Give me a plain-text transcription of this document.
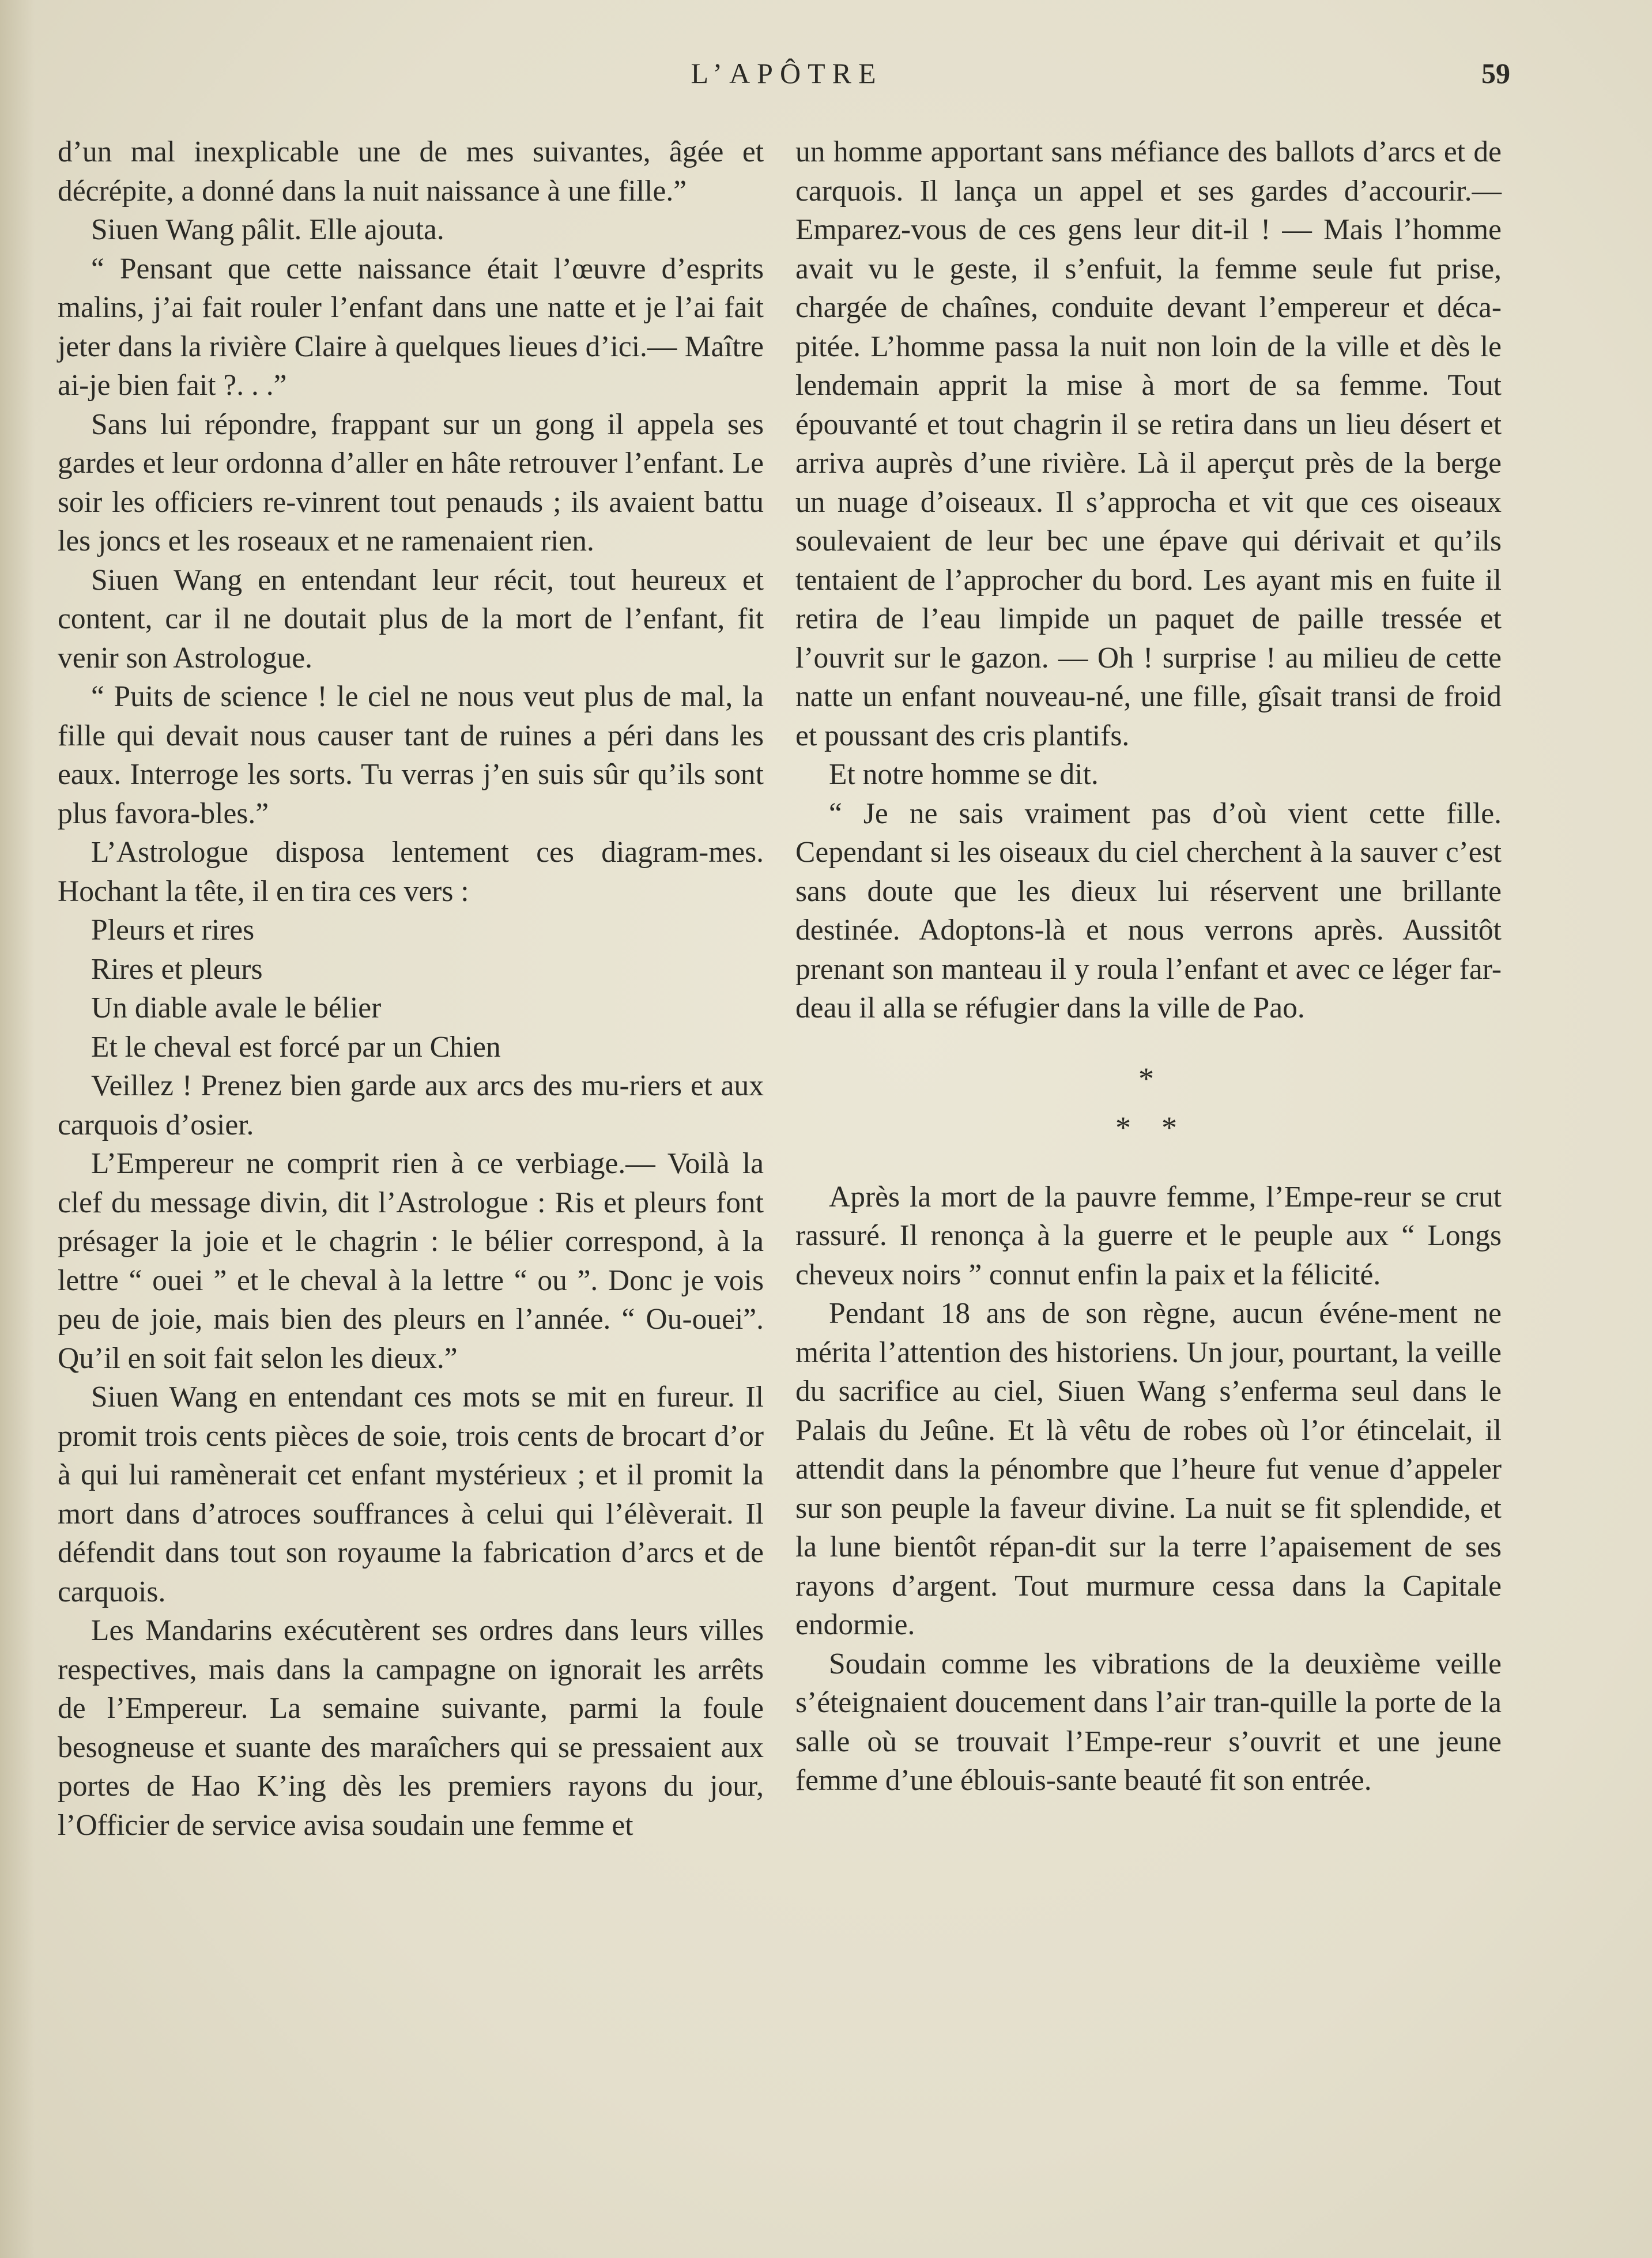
L’APÔTRE	59

d’un mal inexplicable une de mes suivantes, âgée et décrépite, a donné dans la nuit naissance à une fille.”

Siuen Wang pâlit. Elle ajouta.

“ Pensant que cette naissance était l’œuvre d’esprits malins, j’ai fait rouler l’enfant dans une natte et je l’ai fait jeter dans la rivière Claire à quelques lieues d’ici.— Maître ai-je bien fait ?. . .”

Sans lui répondre, frappant sur un gong il appela ses gardes et leur ordonna d’aller en hâte retrouver l’enfant. Le soir les officiers re-vinrent tout penauds ; ils avaient battu les joncs et les roseaux et ne ramenaient rien.

Siuen Wang en entendant leur récit, tout heureux et content, car il ne doutait plus de la mort de l’enfant, fit venir son Astrologue.

“ Puits de science ! le ciel ne nous veut plus de mal, la fille qui devait nous causer tant de ruines a péri dans les eaux. Interroge les sorts. Tu verras j’en suis sûr qu’ils sont plus favora-bles.”

L’Astrologue disposa lentement ces diagram-mes. Hochant la tête, il en tira ces vers :

Pleurs et rires

Rires et pleurs

Un diable avale le bélier

Et le cheval est forcé par un Chien

Veillez ! Prenez bien garde aux arcs des mu-riers et aux carquois d’osier.

L’Empereur ne comprit rien à ce verbiage.— Voilà la clef du message divin, dit l’Astrologue : Ris et pleurs font présager la joie et le chagrin : le bélier correspond, à la lettre “ ouei ” et le cheval à la lettre “ ou ”. Donc je vois peu de joie, mais bien des pleurs en l’année. “ Ou-ouei”. Qu’il en soit fait selon les dieux.”

Siuen Wang en entendant ces mots se mit en fureur. Il promit trois cents pièces de soie, trois cents de brocart d’or à qui lui ramènerait cet enfant mystérieux ; et il promit la mort dans d’atroces souffrances à celui qui l’élèverait. Il défendit dans tout son royaume la fabrication d’arcs et de carquois.

Les Mandarins exécutèrent ses ordres dans leurs villes respectives, mais dans la campagne on ignorait les arrêts de l’Empereur. La semaine suivante, parmi la foule besogneuse et suante des maraîchers qui se pressaient aux portes de Hao K’ing dès les premiers rayons du jour, l’Officier de service avisa soudain une femme et

un homme apportant sans méfiance des ballots d’arcs et de carquois. Il lança un appel et ses gardes d’accourir.—Emparez-vous de ces gens leur dit-il ! — Mais l’homme avait vu le geste, il s’enfuit, la femme seule fut prise, chargée de chaînes, conduite devant l’empereur et déca-pitée. L’homme passa la nuit non loin de la ville et dès le lendemain apprit la mise à mort de sa femme. Tout épouvanté et tout chagrin il se retira dans un lieu désert et arriva auprès d’une rivière. Là il aperçut près de la berge un nuage d’oiseaux. Il s’approcha et vit que ces oiseaux soulevaient de leur bec une épave qui dérivait et qu’ils tentaient de l’approcher du bord. Les ayant mis en fuite il retira de l’eau limpide un paquet de paille tressée et l’ouvrit sur le gazon. — Oh ! surprise ! au milieu de cette natte un enfant nouveau-né, une fille, gîsait transi de froid et poussant des cris plantifs.

Et notre homme se dit.

“ Je ne sais vraiment pas d’où vient cette fille. Cependant si les oiseaux du ciel cherchent à la sauver c’est sans doute que les dieux lui réservent une brillante destinée. Adoptons-là et nous verrons après. Aussitôt prenant son manteau il y roula l’enfant et avec ce léger far-deau il alla se réfugier dans la ville de Pao.

*
* *

Après la mort de la pauvre femme, l’Empe-reur se crut rassuré. Il renonça à la guerre et le peuple aux “ Longs cheveux noirs ” connut enfin la paix et la félicité.

Pendant 18 ans de son règne, aucun événe-ment ne mérita l’attention des historiens. Un jour, pourtant, la veille du sacrifice au ciel, Siuen Wang s’enferma seul dans le Palais du Jeûne. Et là vêtu de robes où l’or étincelait, il attendit dans la pénombre que l’heure fut venue d’appeler sur son peuple la faveur divine. La nuit se fit splendide, et la lune bientôt répan-dit sur la terre l’apaisement de ses rayons d’argent. Tout murmure cessa dans la Capitale endormie.

Soudain comme les vibrations de la deuxième veille s’éteignaient doucement dans l’air tran-quille la porte de la salle où se trouvait l’Empe-reur s’ouvrit et une jeune femme d’une éblouis-sante beauté fit son entrée.
